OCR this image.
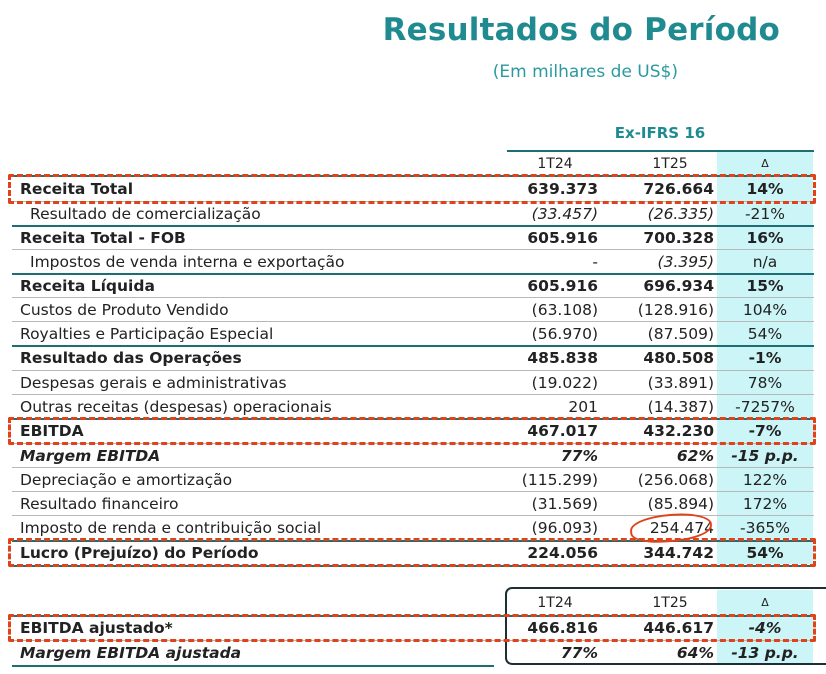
Resultados do Período
(Em milhares de US$)
Ex-IFRS 16
1T24	1T25	Δ
Receita Total	639.373	726.664	14%
Resultado de comercialização	(33.457)	(26.335)	-21%
Receita Total - FOB	605.916	700.328	16%
Impostos de venda interna e exportação	-	(3.395)	n/a
Receita Líquida	605.916	696.934	15%
Custos de Produto Vendido	(63.108)	(128.916)	104%
Royalties e Participação Especial	(56.970)	(87.509)	54%
Resultado das Operações	485.838	480.508	-1%
Despesas gerais e administrativas	(19.022)	(33.891)	78%
Outras receitas (despesas) operacionais	201	(14.387)	-7257%
EBITDA	467.017	432.230	-7%
Margem EBITDA	77%	62%	-15 p.p.
Depreciação e amortização	(115.299)	(256.068)	122%
Resultado financeiro	(31.569)	(85.894)	172%
Imposto de renda e contribuição social	(96.093)	254.474	-365%
Lucro (Prejuízo) do Período	224.056	344.742	54%
1T24	1T25	Δ
EBITDA ajustado*	466.816	446.617	-4%
Margem EBITDA ajustada	77%	64%	-13 p.p.
